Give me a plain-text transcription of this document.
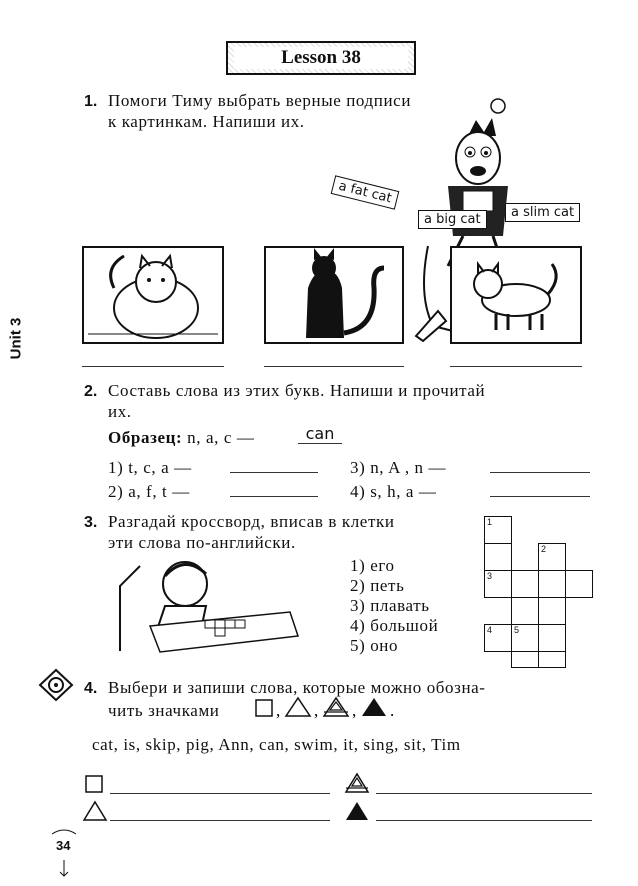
Lesson 38
Unit 3
1. Помоги Тиму выбрать верные подписи
к картинкам. Напиши их.
a fat cat
a big cat	a slim cat
2. Составь слова из этих букв. Напиши и прочитай
их.
Образец: n, a, c —	can
1) t, c, a —	3) n, A , n —
2) a, f, t —	4) s, h, a —
3. Разгадай кроссворд, вписав в клетки
эти слова по-английски.
1) его
2) петь
3) плавать
4) большой
5) оно
1
2
3
4 5
4. Выбери и запиши слова, которые можно обозна-
чить значками	, , , .
cat, is, skip, pig, Ann, can, swim, it, sing, sit, Tim
34
